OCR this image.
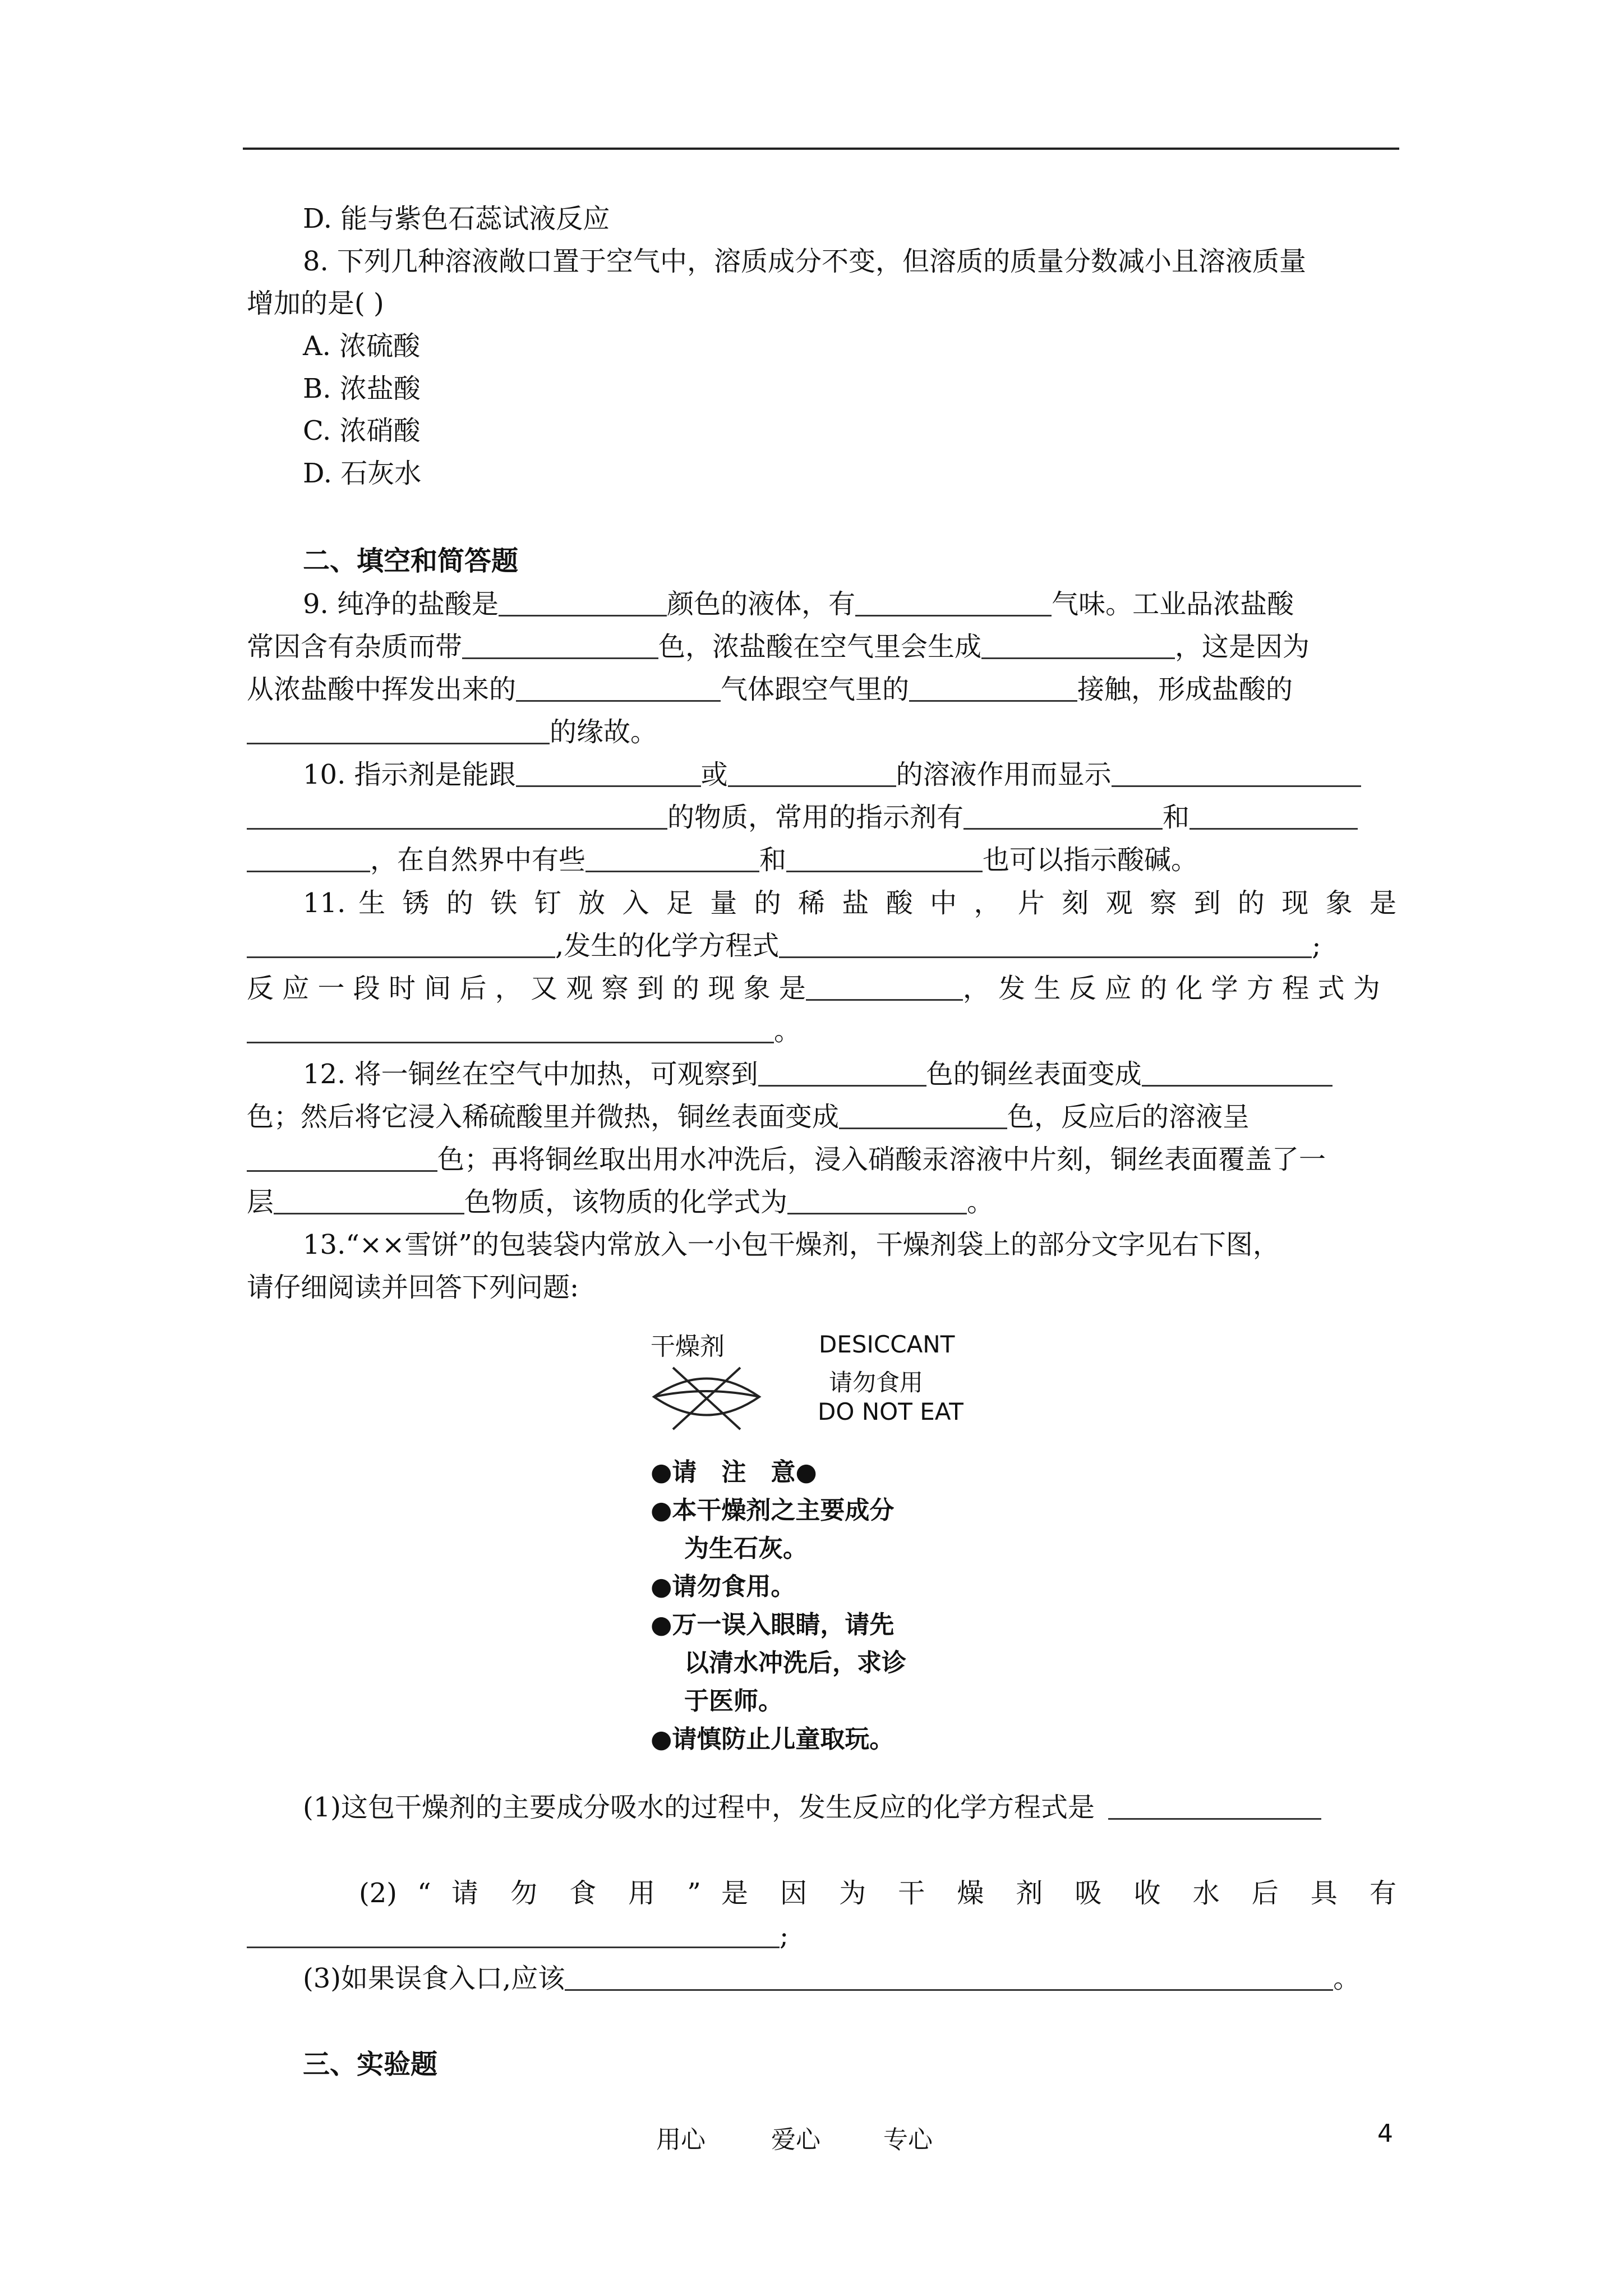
D. 能与紫色石蕊试液反应
8. 下列几种溶液敞口置于空气中，溶质成分不变，但溶质的质量分数减小且溶液质量
增加的是( )
A. 浓硫酸
B. 浓盐酸
C. 浓硝酸
D. 石灰水
二、填空和简答题
9. 纯净的盐酸是	颜色的液体，有	气味。工业品浓盐酸
常因含有杂质而带	色，浓盐酸在空气里会生成	，这是因为
从浓盐酸中挥发出来的	气体跟空气里的	接触，形成盐酸的
的缘故。
10. 指示剂是能跟	或	的溶液作用而显示
的物质，常用的指示剂有	和
，在自然界中有些	和	也可以指示酸碱。
11. 生 锈 的 铁 钉 放 入 足 量 的 稀 盐 酸 中 ， 片 刻 观 察 到 的 现 象 是
,发生的化学方程式	;
反 应 一 段 时 间 后 ， 又 观 察 到 的 现 象 是	， 发 生 反 应 的 化 学 方 程 式 为
。
12. 将一铜丝在空气中加热，可观察到	色的铜丝表面变成
色；然后将它浸入稀硫酸里并微热，铜丝表面变成	色，反应后的溶液呈
色；再将铜丝取出用水冲洗后，浸入硝酸汞溶液中片刻，铜丝表面覆盖了一
层	色物质，该物质的化学式为	。
13.“××雪饼”的包装袋内常放入一小包干燥剂，干燥剂袋上的部分文字见右下图，
请仔细阅读并回答下列问题:
干燥剂	DESICCANT
请勿食用
DO NOT EAT
●请　注　意●
●本干燥剂之主要成分
为生石灰。
●请勿食用。
●万一误入眼睛，请先
以清水冲洗后，求诊
于医师。
●请慎防止儿童取玩。
(1)这包干燥剂的主要成分吸水的过程中，发生反应的化学方程式是
(2) “ 请 勿 食 用 ” 是 因 为 干 燥 剂 吸 收 水 后 具 有
;
(3)如果误食入口,应该	。
三、实验题
用心	爱心	专心	4
